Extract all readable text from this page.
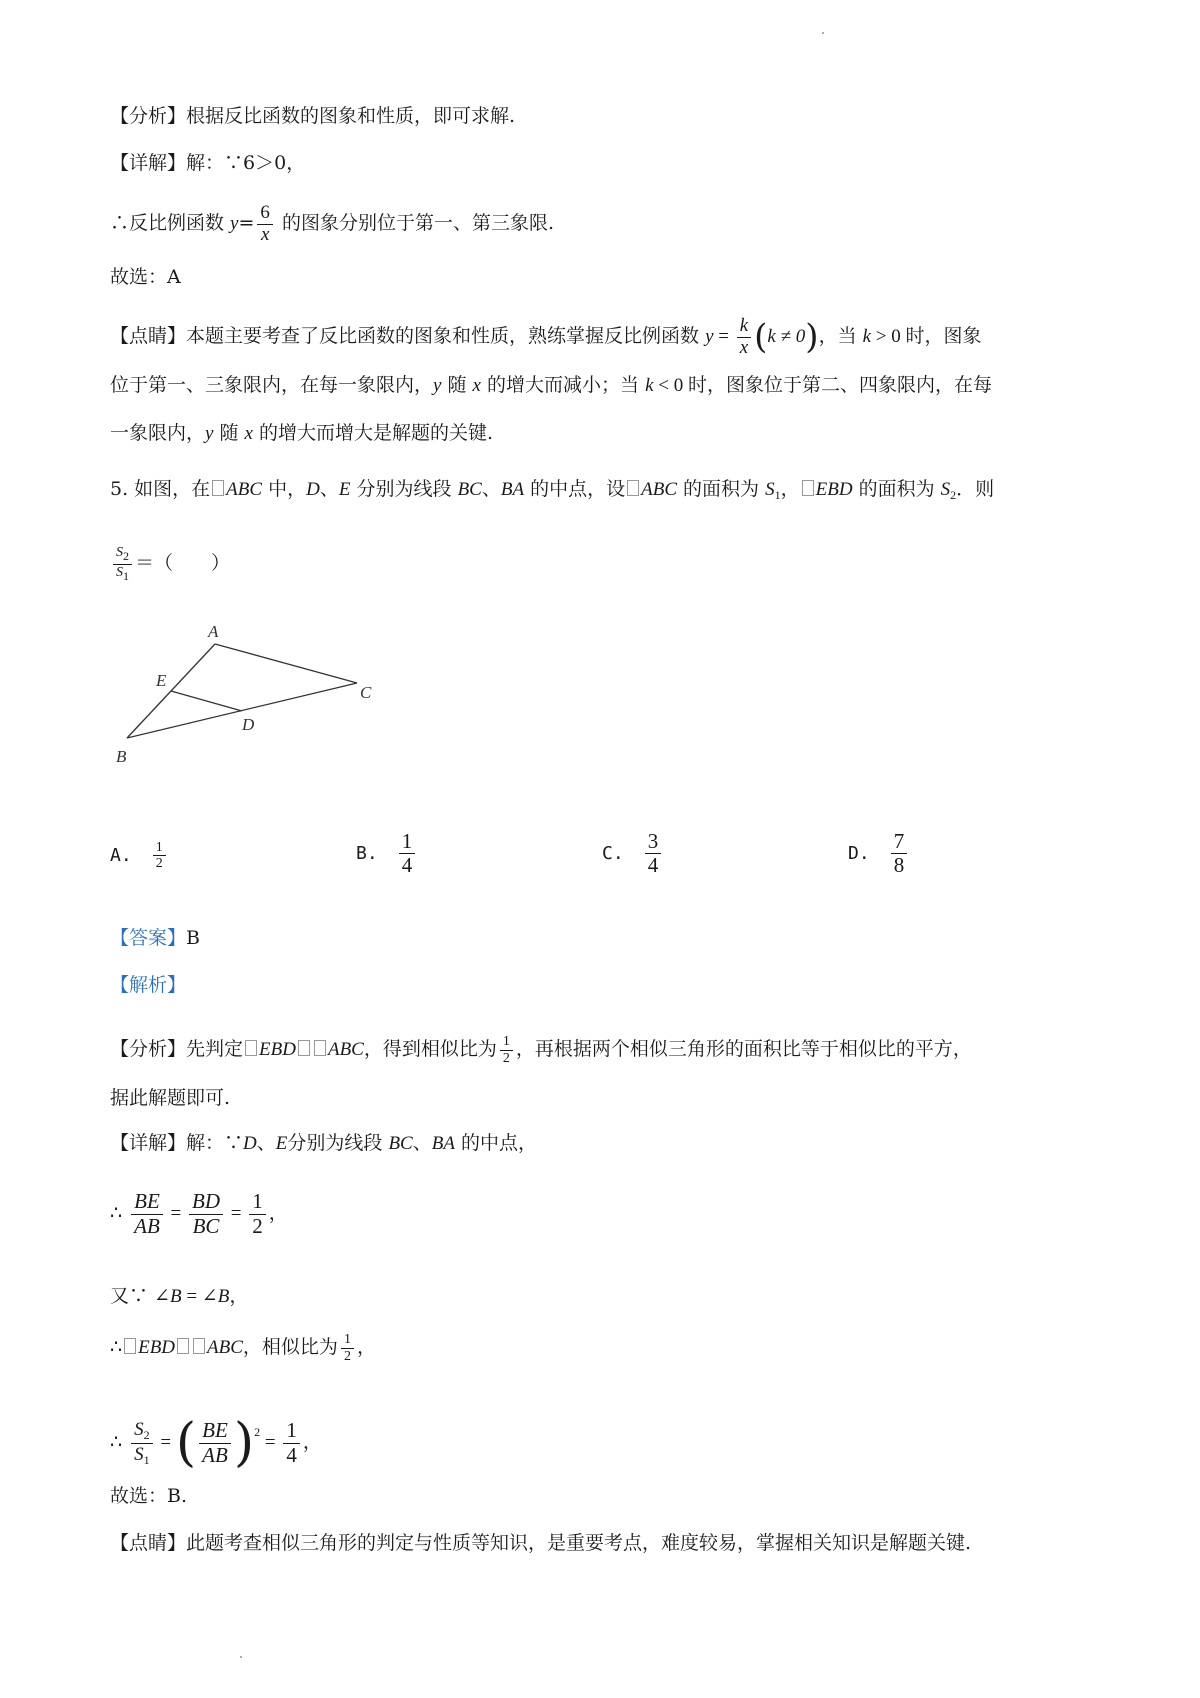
【分析】根据反比函数的图象和性质，即可求解.
【详解】解：∵6＞0，
∴反比例函数 $y= \frac{6}{x}$ 的图象分别位于第一、第三象限.
故选：A
【点睛】本题主要考查了反比函数的图象和性质，熟练掌握反比例函数 $y = \frac{k}{x} (k \ne 0)$，当 k > 0 时，图象
位于第一、三象限内，在每一象限内，y 随 x 的增大而减小；当 k < 0 时，图象位于第二、四象限内，在每
一象限内，y 随 x 的增大而增大是解题的关键.
5. 如图，在 ABC 中，D、E 分别为线段 BC、BA 的中点，设 ABC 的面积为 $S_1$， EBD 的面积为 $S_2$．则
$\frac{S2}{S1}$ ＝（　　）
A
E
C
D
B
A. $\frac{1}{2}$	B. $\frac{1}{4}$	C. $\frac{3}{4}$	D. $\frac{7}{8}$
【答案】B
【解析】
【分析】先判定 EBD ABC，得到相似比为 $\frac{1}{2}$ ，再根据两个相似三角形的面积比等于相似比的平方，
据此解题即可.
【详解】解：∵D、E分别为线段 BC、BA 的中点，
∴ $\frac{BE}{AB} = \frac{BD}{BC} = \frac{1}{2}$ ，
又∵ ∠B = ∠B，
∴ EBD ABC，相似比为 $\frac{1}{2}$ ，
∴ $\frac{S_2}{S_1}$ = ( $\frac{BE}{AB} )^2 = \frac{1}{4}$ ，
故选：B.
【点睛】此题考查相似三角形的判定与性质等知识，是重要考点，难度较易，掌握相关知识是解题关键.
